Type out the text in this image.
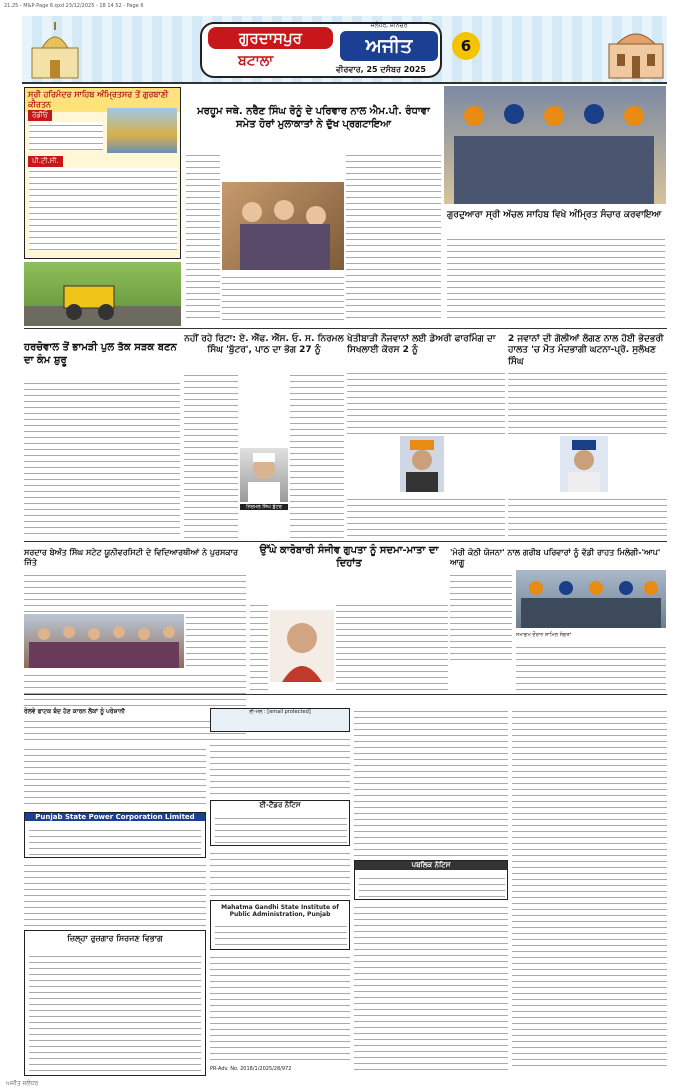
21.25 - M&P-Page 6.qxd 23/12/2025 - 18 14 52 - Page 6
ਗੁਰਦਾਸਪੁਰ
ਬਟਾਲਾ
ਜਲੰਧਰ, ਸ਼ਨਿਚਰ
ਅਜੀਤ
ਵੀਰਵਾਰ, 25 ਦਸੰਬਰ 2025
6
ਸ੍ਰੀ ਹਰਿਮੰਦਰ ਸਾਹਿਬ ਅੰਮ੍ਰਿਤਸਰ ਤੋਂ ਗੁਰਬਾਣੀ ਕੀਰਤਨ
ਰੇਡੀਓ
ਪੀ.ਟੀ.ਸੀ.
ਮਰਹੂਮ ਜਥੇ. ਨਰੈਣ ਸਿੰਘ ਰੋਨੂੰ ਦੇ ਪਰਿਵਾਰ ਨਾਲ ਐਮ.ਪੀ. ਰੰਧਾਵਾ ਸਮੇਤ ਹੋਰਾਂ ਮੁਲਾਕਾਤਾਂ ਨੇ ਦੁੱਖ ਪ੍ਰਗਟਾਇਆ
ਗੁਰਦੁਆਰਾ ਸ੍ਰੀ ਅੱਚਲ ਸਾਹਿਬ ਵਿਖੇ ਅੰਮ੍ਰਿਤ ਸੰਚਾਰ ਕਰਵਾਇਆ
ਹਰਚੋਵਾਲ ਤੋਂ ਭਾਮੜੀ ਪੁਲ ਤੱਕ ਸੜਕ ਬਣਨ ਦਾ ਕੰਮ ਸ਼ੁਰੂ
ਨਹੀਂ ਰਹੇ ਰਿਟਾ: ਏ. ਐੱਫ. ਐੱਸ. ਓ. ਸ. ਨਿਰਮਲ ਸਿੰਘ 'ਬੁੱਟਰ', ਪਾਠ ਦਾ ਭੋਗ 27 ਨੂੰ
ਨਿਰਮਲ ਸਿੰਘ ਬੁੱਟਰ
ਖੇਤੀਬਾੜੀ ਨੌਜਵਾਨਾਂ ਲਈ ਡੇਅਰੀ ਫਾਰਮਿੰਗ ਦਾ ਸਿਖਲਾਈ ਕੋਰਸ 2 ਨੂੰ
2 ਜਵਾਨਾਂ ਦੀ ਗੋਲੀਆਂ ਲੱਗਣ ਨਾਲ ਹੋਈ ਭੇਦਭਰੀ ਹਾਲਤ 'ਚ ਮੌਤ ਮੰਦਭਾਗੀ ਘਟਨਾ-ਪ੍ਰੋ. ਸੁਲੱਖਣ ਸਿੰਘ
ਸਰਦਾਰ ਬੇਅੰਤ ਸਿੰਘ ਸਟੇਟ ਯੂਨੀਵਰਸਿਟੀ ਦੇ ਵਿਦਿਆਰਥੀਆਂ ਨੇ ਪੁਰਸਕਾਰ ਜਿੱਤੇ
ਰੇਲਵੇ ਫਾਟਕ ਬੰਦ ਹੋਣ ਕਾਰਨ ਲੋਕਾਂ ਨੂੰ ਪਰੇਸ਼ਾਨੀ
ਉੱਘੇ ਕਾਰੋਬਾਰੀ ਸੰਜੀਵ ਗੁਪਤਾ ਨੂੰ ਸਦਮਾ-ਮਾਤਾ ਦਾ ਦਿਹਾਂਤ
'ਮੇਰੀ ਕੋਠੀ ਯੋਜਨਾ' ਨਾਲ ਗਰੀਬ ਪਰਿਵਾਰਾਂ ਨੂੰ ਵੱਡੀ ਰਾਹਤ ਮਿਲੇਗੀ-'ਆਪ' ਆਗੂ
ਸਮਾਗਮ ਦੌਰਾਨ ਸ਼ਾਮਿਲ ਸੰਗਤਾਂ
Punjab State Power Corporation Limited
ਜ਼ਿਲ੍ਹਾ ਰੁਜ਼ਗਾਰ ਸਿਰਜਣ ਵਿਭਾਗ
ਈ-ਮੇਲ : [email protected]
ਈ-ਟੈਂਡਰ ਨੋਟਿਸ
Mahatma Gandhi State Institute of Public Administration, Punjab
PR-Adv. No. 2018/1/2025/28/972
ਪਬਲਿਕ ਨੋਟਿਸ
ਅਜੀਤ ਜਲੰਧਰ
